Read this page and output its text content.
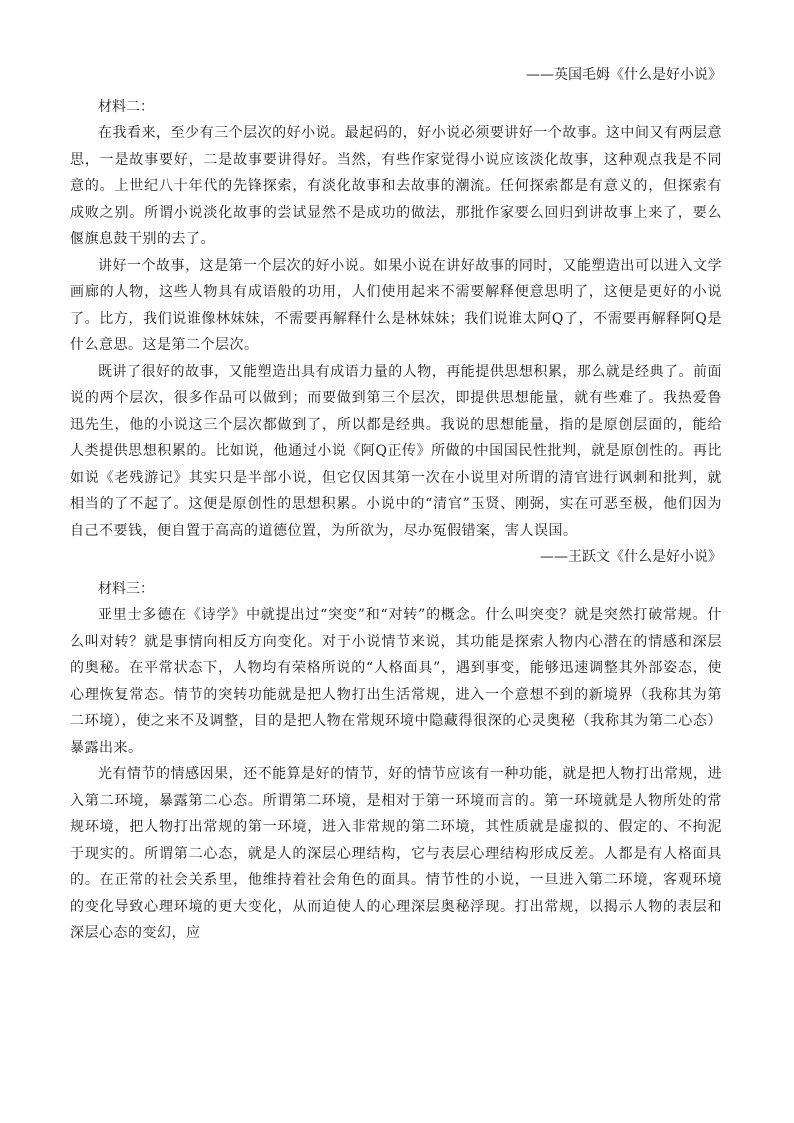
——英国毛姆《什么是好小说》

材料二：

在我看来，至少有三个层次的好小说。最起码的，好小说必须要讲好一个故事。这中间又有两层意思，一是故事要好，二是故事要讲得好。当然，有些作家觉得小说应该淡化故事，这种观点我是不同意的。上世纪八十年代的先锋探索，有淡化故事和去故事的潮流。任何探索都是有意义的，但探索有成败之别。所谓小说淡化故事的尝试显然不是成功的做法，那批作家要么回归到讲故事上来了，要么偃旗息鼓干别的去了。

讲好一个故事，这是第一个层次的好小说。如果小说在讲好故事的同时，又能塑造出可以进入文学画廊的人物，这些人物具有成语般的功用，人们使用起来不需要解释便意思明了，这便是更好的小说了。比方，我们说谁像林妹妹，不需要再解释什么是林妹妹；我们说谁太阿Q了，不需要再解释阿Q是什么意思。这是第二个层次。

既讲了很好的故事，又能塑造出具有成语力量的人物，再能提供思想积累，那么就是经典了。前面说的两个层次，很多作品可以做到；而要做到第三个层次，即提供思想能量，就有些难了。我热爱鲁迅先生，他的小说这三个层次都做到了，所以都是经典。我说的思想能量，指的是原创层面的，能给人类提供思想积累的。比如说，他通过小说《阿Q正传》所做的中国国民性批判，就是原创性的。再比如说《老残游记》其实只是半部小说，但它仅因其第一次在小说里对所谓的清官进行讽刺和批判，就相当的了不起了。这便是原创性的思想积累。小说中的“清官”玉贤、刚弼，实在可恶至极，他们因为自己不要钱，便自置于高高的道德位置，为所欲为，尽办冤假错案，害人误国。

——王跃文《什么是好小说》

材料三：

亚里士多德在《诗学》中就提出过“突变”和“对转”的概念。什么叫突变？就是突然打破常规。什么叫对转？就是事情向相反方向变化。对于小说情节来说，其功能是探索人物内心潜在的情感和深层的奥秘。在平常状态下，人物均有荣格所说的“人格面具”，遇到事变，能够迅速调整其外部姿态，使心理恢复常态。情节的突转功能就是把人物打出生活常规，进入一个意想不到的新境界（我称其为第二环境），使之来不及调整，目的是把人物在常规环境中隐藏得很深的心灵奥秘（我称其为第二心态）暴露出来。

光有情节的情感因果，还不能算是好的情节，好的情节应该有一种功能，就是把人物打出常规，进入第二环境，暴露第二心态。所谓第二环境，是相对于第一环境而言的。第一环境就是人物所处的常规环境，把人物打出常规的第一环境，进入非常规的第二环境，其性质就是虚拟的、假定的、不拘泥于现实的。所谓第二心态，就是人的深层心理结构，它与表层心理结构形成反差。人都是有人格面具的。在正常的社会关系里，他维持着社会角色的面具。情节性的小说，一旦进入第二环境，客观环境的变化导致心理环境的更大变化，从而迫使人的心理深层奥秘浮现。打出常规，以揭示人物的表层和深层心态的变幻，应
